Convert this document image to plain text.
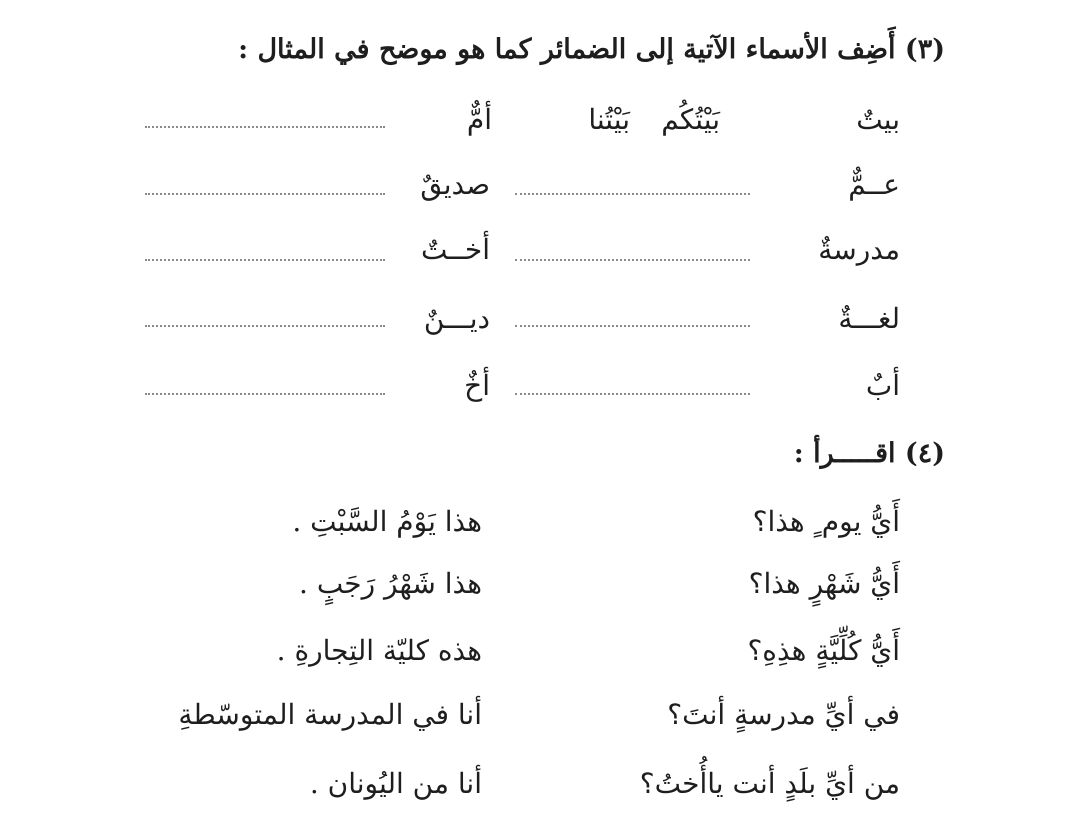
(٣) أَضِف الأسماء الآتية إلى الضمائر كما هو موضح في المثال :
بيتٌ
بَيْتُكُم
بَيْتُنا
أمٌّ
عــمٌّ
صديقٌ
مدرسةٌ
أخــتٌ
لغـــةٌ
ديـــنٌ
أبٌ
أخٌ
(٤) اقـــــرأ :
أَيُّ يوم ٍ هذا؟
هذا يَوْمُ السَّبْتِ .
أَيُّ شَهْرٍ هذا؟
هذا شَهْرُ رَجَبٍ .
أَيُّ كُلِّيَّةٍ هذِهِ؟
هذه كليّة التِجارةِ .
في أيِّ مدرسةٍ أنتَ؟
أنا في المدرسة المتوسّطةِ
من أيِّ بلَدٍ أنت ياأُختُ؟
أنا من اليُونان .
